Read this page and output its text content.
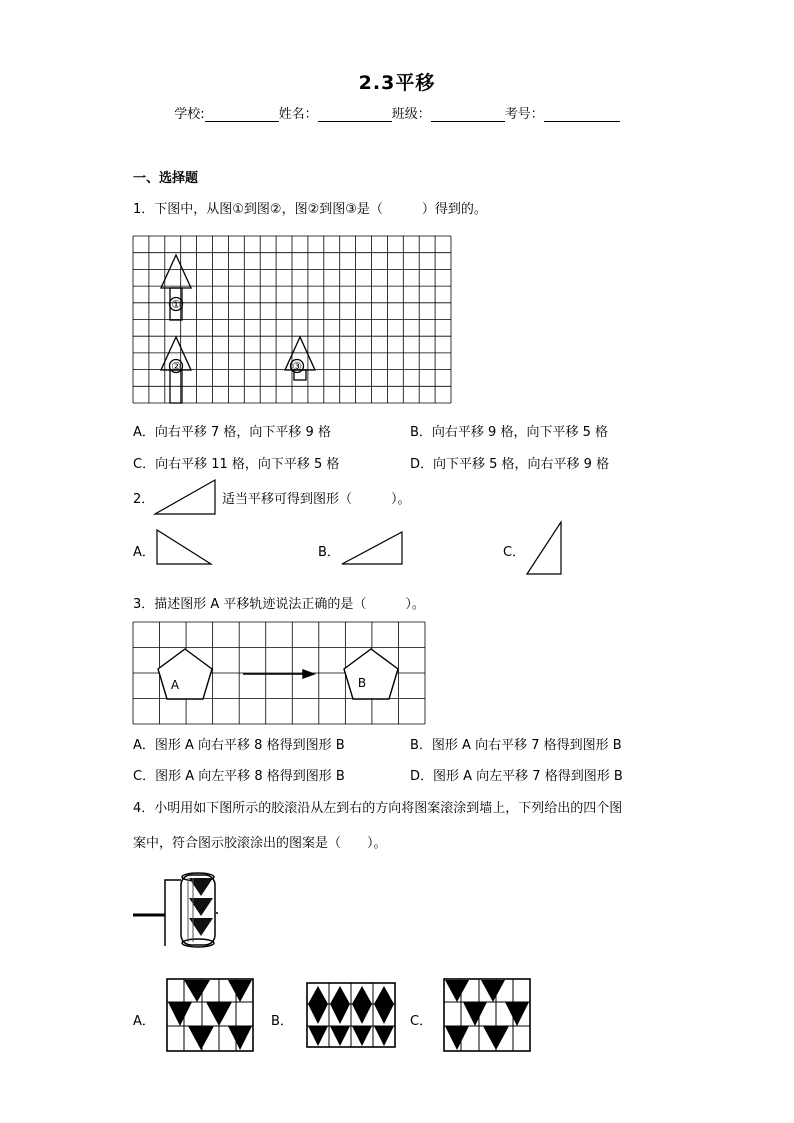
2.3平移
学校:	姓名：	班级：	考号：
一、选择题
1．下图中，从图①到图②，图②到图③是（　　　）得到的。
①
②	③
A．向右平移 7 格，向下平移 9 格	B．向右平移 9 格，向下平移 5 格
C．向右平移 11 格，向下平移 5 格	D．向下平移 5 格，向右平移 9 格
2．	适当平移可得到图形（　　　）。
A．	B．	C．
3．描述图形 A 平移轨迹说法正确的是（　　　）。
A	B
A．图形 A 向右平移 8 格得到图形 B	B．图形 A 向右平移 7 格得到图形 B
C．图形 A 向左平移 8 格得到图形 B	D．图形 A 向左平移 7 格得到图形 B
4．小明用如下图所示的胶滚沿从左到右的方向将图案滚涂到墙上，下列给出的四个图
案中，符合图示胶滚涂出的图案是（　　）。
A．	B．	C．
